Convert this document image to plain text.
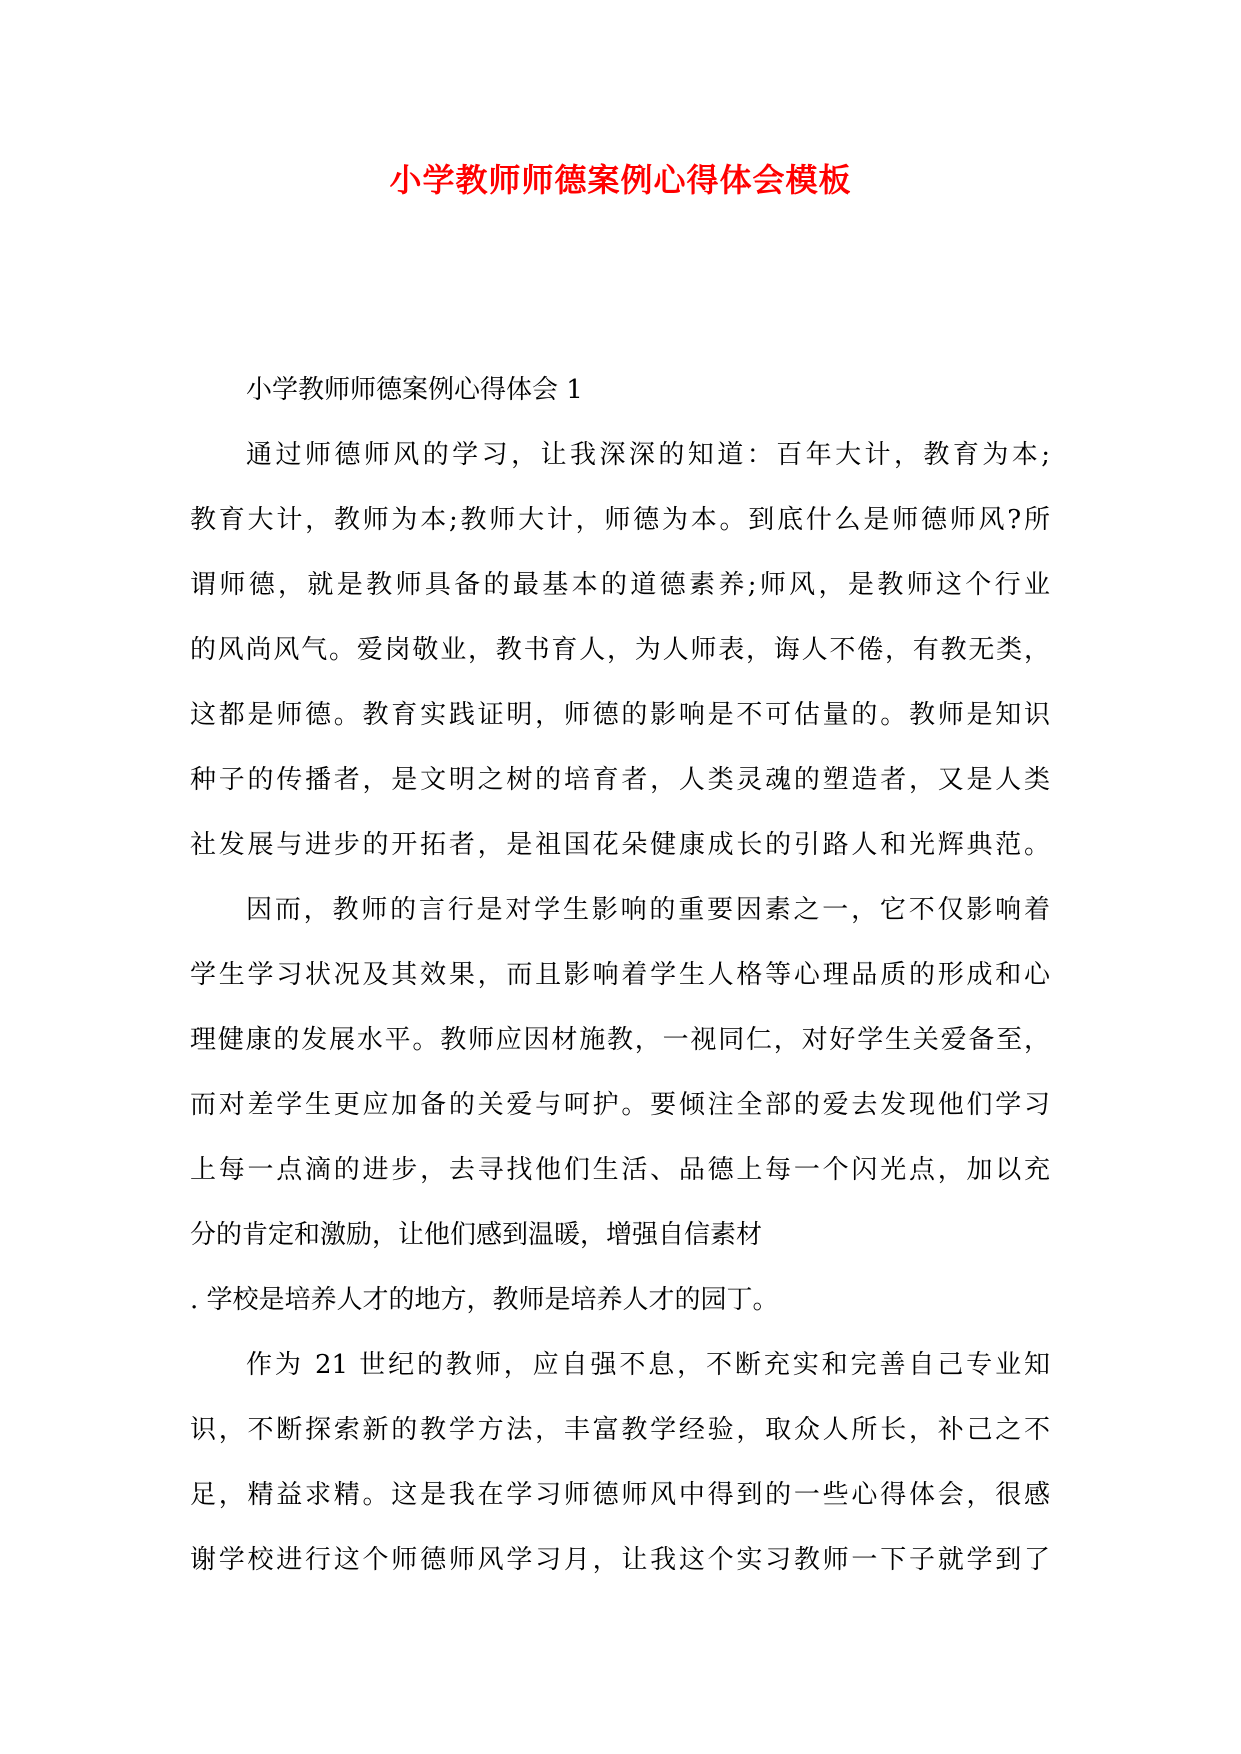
小学教师师德案例心得体会模板
小学教师师德案例心得体会 1
通过师德师风的学习，让我深深的知道：百年大计，教育为本;
教育大计，教师为本;教师大计，师德为本。到底什么是师德师风?所
谓师德，就是教师具备的最基本的道德素养;师风，是教师这个行业
的风尚风气。爱岗敬业，教书育人，为人师表，诲人不倦，有教无类，
这都是师德。教育实践证明，师德的影响是不可估量的。教师是知识
种子的传播者，是文明之树的培育者，人类灵魂的塑造者，又是人类
社发展与进步的开拓者，是祖国花朵健康成长的引路人和光辉典范。
因而，教师的言行是对学生影响的重要因素之一，它不仅影响着
学生学习状况及其效果，而且影响着学生人格等心理品质的形成和心
理健康的发展水平。教师应因材施教，一视同仁，对好学生关爱备至，
而对差学生更应加备的关爱与呵护。要倾注全部的爱去发现他们学习
上每一点滴的进步，去寻找他们生活、品德上每一个闪光点，加以充
分的肯定和激励，让他们感到温暖，增强自信素材
. 学校是培养人才的地方，教师是培养人才的园丁。
作为 21 世纪的教师，应自强不息，不断充实和完善自己专业知
识，不断探索新的教学方法，丰富教学经验，取众人所长，补己之不
足，精益求精。这是我在学习师德师风中得到的一些心得体会，很感
谢学校进行这个师德师风学习月，让我这个实习教师一下子就学到了
